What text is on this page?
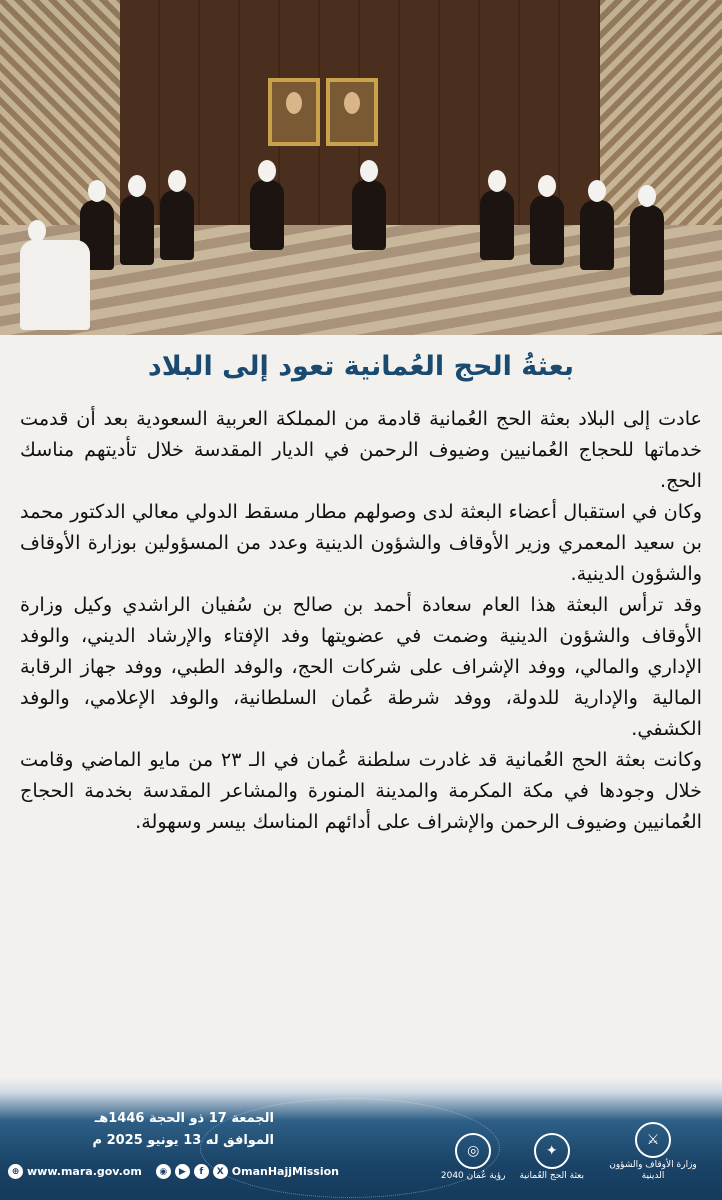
بعثةُ الحج العُمانية تعود إلى البلاد

عادت إلى البلاد بعثة الحج العُمانية قادمة من المملكة العربية السعودية بعد أن قدمت خدماتها للحجاج العُمانيين وضيوف الرحمن في الديار المقدسة خلال تأديتهم مناسك الحج.

وكان في استقبال أعضاء البعثة لدى وصولهم مطار مسقط الدولي معالي الدكتور محمد بن سعيد المعمري وزير الأوقاف والشؤون الدينية وعدد من المسؤولين بوزارة الأوقاف والشؤون الدينية.

وقد ترأس البعثة هذا العام سعادة أحمد بن صالح بن سُفيان الراشدي وكيل وزارة الأوقاف والشؤون الدينية وضمت في عضويتها وفد الإفتاء والإرشاد الديني، والوفد الإداري والمالي، ووفد الإشراف على شركات الحج، والوفد الطبي، ووفد جهاز الرقابة المالية والإدارية للدولة، ووفد شرطة عُمان السلطانية، والوفد الإعلامي، والوفد الكشفي.

وكانت بعثة الحج العُمانية قد غادرت سلطنة عُمان في الـ ٢٣ من مايو الماضي وقامت خلال وجودها في مكة المكرمة والمدينة المنورة والمشاعر المقدسة بخدمة الحجاج العُمانيين وضيوف الرحمن والإشراف على أدائهم المناسك بيسر وسهولة.

الجمعة 17 ذو الحجة 1446هـ
الموافق له 13 يونيو 2025 م	⚔
وزارة الأوقاف والشؤون الدينية
✦
بعثة الحج العُمانية
◎
رؤية عُمان 2040
⊕ www.mara.gov.om	◉	▶	f	X OmanHajjMission
